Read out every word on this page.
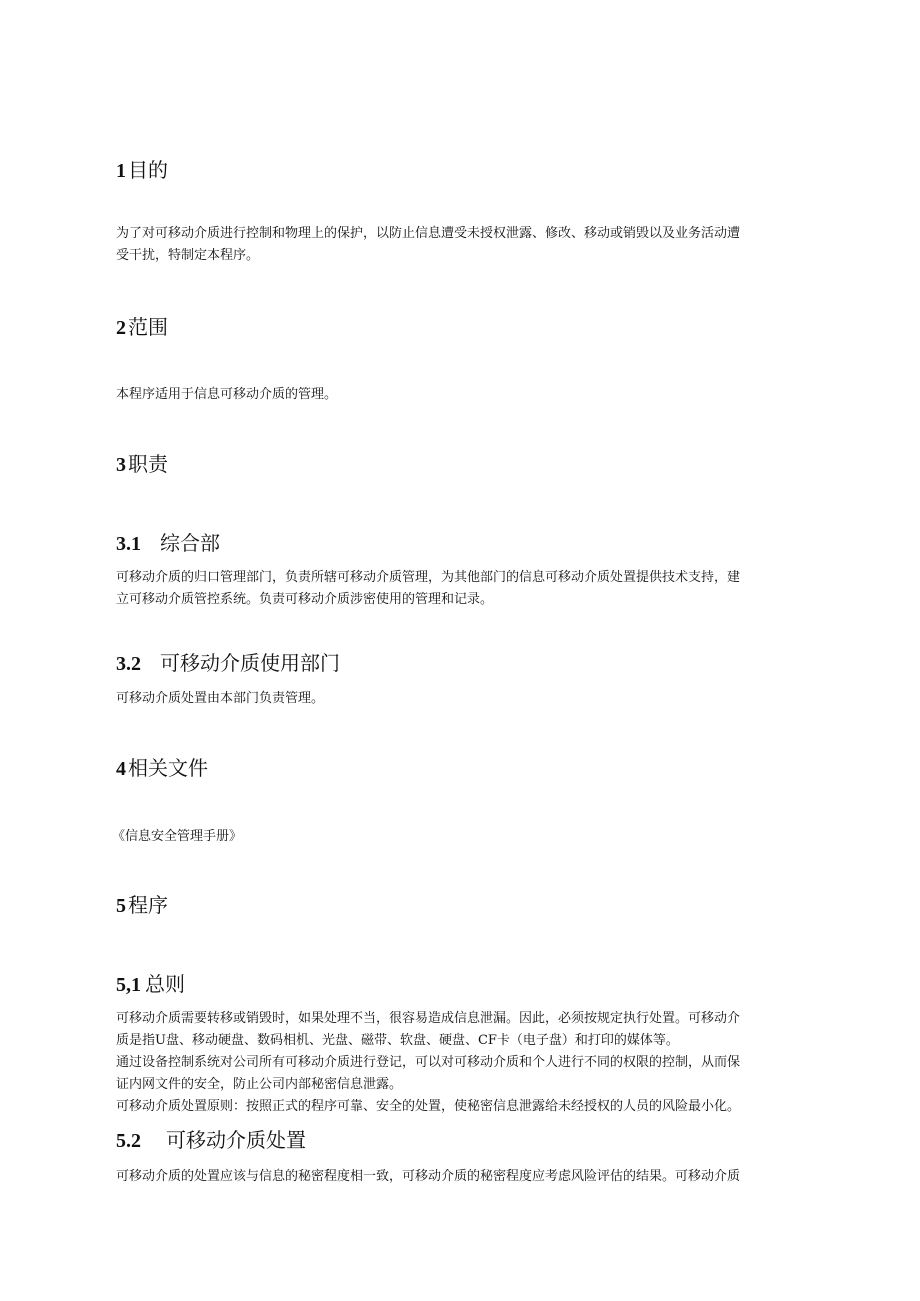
1 目的
为了对可移动介质进行控制和物理上的保护，以防止信息遭受未授权泄露、修改、移动或销毁以及业务活动遭
受干扰，特制定本程序。
2 范围
本程序适用于信息可移动介质的管理。
3 职责
3.1 综合部
可移动介质的归口管理部门，负责所辖可移动介质管理，为其他部门的信息可移动介质处置提供技术支持，建
立可移动介质管控系统。负责可移动介质涉密使用的管理和记录。
3.2 可移动介质使用部门
可移动介质处置由本部门负责管理。
4 相关文件
《信息安全管理手册》
5 程序
5,1 总则
可移动介质需要转移或销毁时，如果处理不当，很容易造成信息泄漏。因此，必须按规定执行处置。可移动介
质是指U盘、移动硬盘、数码相机、光盘、磁带、软盘、硬盘、CF卡（电子盘）和打印的媒体等。
通过设备控制系统对公司所有可移动介质进行登记，可以对可移动介质和个人进行不同的权限的控制，从而保
证内网文件的安全，防止公司内部秘密信息泄露。
可移动介质处置原则：按照正式的程序可靠、安全的处置，使秘密信息泄露给未经授权的人员的风险最小化。
5.2 可移动介质处置
可移动介质的处置应该与信息的秘密程度相一致，可移动介质的秘密程度应考虑风险评估的结果。可移动介质
